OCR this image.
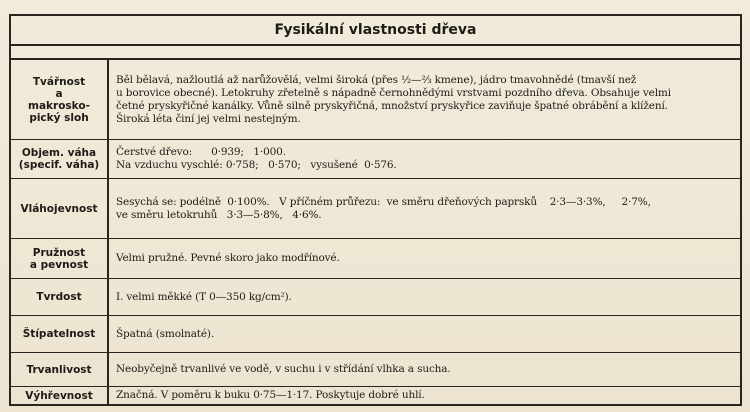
Fysikální vlastnosti dřeva
Tvářnost
a
makrosko-
pický sloh
Běl bělavá, nažloutlá až narůžovělá, velmi široká (přes ½—⅔ kmene), jádro tmavohnědé (tmavší než
u borovice obecné). Letokruhy zřetelně s nápadně černohnědými vrstvami pozdního dřeva. Obsahuje velmi
četné pryskyřičné kanálky. Vůně silně pryskyřičná, množství pryskyřice zaviňuje špatné obrábění a klížení.
Široká léta činí jej velmi nestejným.
Objem. váha
(specif. váha)
Čerstvé dřevo:      0·939;   1·000.
Na vzduchu vyschlé: 0·758;   0·570;   vysušené  0·576.
Vláhojevnost
Sesychá se: podélně  0·100%.   V příčném průřezu:  ve směru dřeňových paprsků    2·3—3·3%,     2·7%,
ve směru letokruhů   3·3—5·8%,   4·6%.
Pružnost
a pevnost
Velmi pružné. Pevné skoro jako modřínové.
Tvrdost	I. velmi měkké (T 0—350 kg/cm²).
Štípatelnost Špatná (smolnaté).
Trvanlivost Neobyčejně trvanlivé ve vodě, v suchu i v střídání vlhka a sucha.
Výhřevnost Značná. V poměru k buku 0·75—1·17. Poskytuje dobré uhlí.
